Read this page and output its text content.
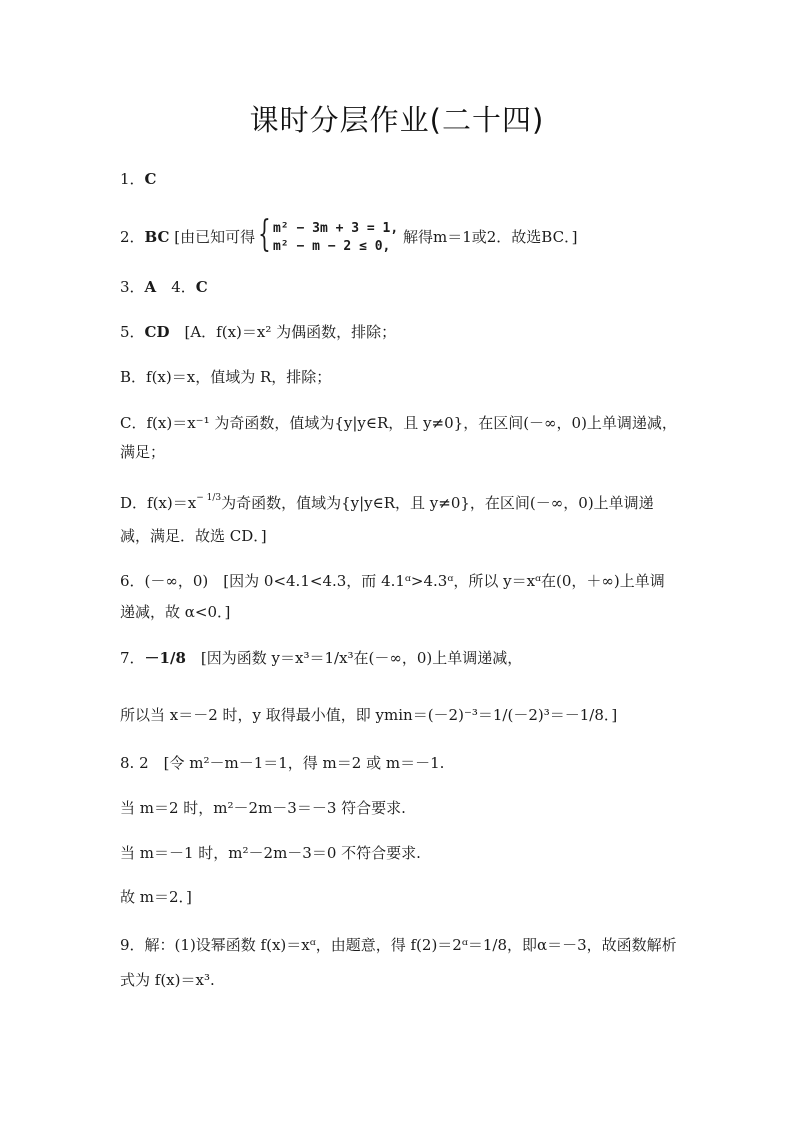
课时分层作业(二十四)
1．C
2．BC [由已知可得{ m² − 3m + 3 = 1,
m² − m − 2 ≤ 0,
解得m＝1或2．故选BC．]
3．A  4．C
5．CD  [A．f(x)＝x² 为偶函数，排除；
B．f(x)＝x，值域为 R，排除；
C．f(x)＝x⁻¹ 为奇函数，值域为{y|y∈R，且 y≠0}，在区间(－∞，0)上单调递减，
满足；
D．$f(x)=x^{- 1/3}$为奇函数，值域为{y|y∈R，且 y≠0}，在区间(－∞，0)上单调递
减，满足．故选 CD．]
6．(－∞，0)　[因为 0<4.1<4.3，而 4.1ᵅ>4.3ᵅ，所以 y＝xᵅ在(0，＋∞)上单调
递减，故 α<0．]
7．－1/8  [因为函数 y＝x³＝1/x³在(－∞，0)上单调递减，
所以当 x＝－2 时，y 取得最小值，即 ymin＝(－2)⁻³＝1/(－2)³＝－1/8．]
8. 2　[令 m²－m－1＝1，得 m＝2 或 m＝－1.
当 m＝2 时，m²－2m－3＝－3 符合要求.
当 m＝－1 时，m²－2m－3＝0 不符合要求.
故 m＝2．]
9．解：(1)设幂函数 f(x)＝xᵅ，由题意，得 f(2)＝2ᵅ＝1/8，即α＝－3，故函数解析
式为 f(x)＝x³.
